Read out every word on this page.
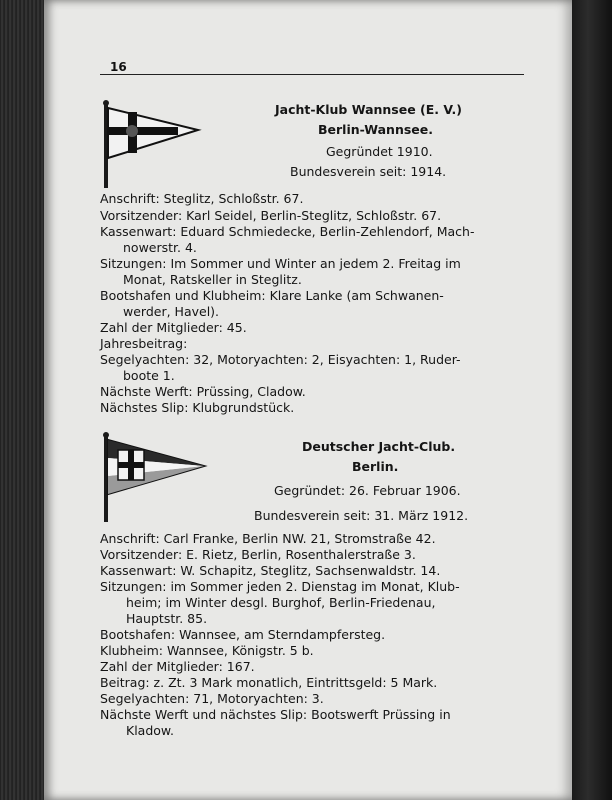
16
Jacht-Klub Wannsee (E. V.)
Berlin-Wannsee.
Gegründet 1910.
Bundesverein seit: 1914.
Anschrift: Steglitz, Schloßstr. 67.
Vorsitzender: Karl Seidel, Berlin-Steglitz, Schloßstr. 67.
Kassenwart: Eduard Schmiedecke, Berlin-Zehlendorf, Mach-
nowerstr. 4.
Sitzungen: Im Sommer und Winter an jedem 2. Freitag im
Monat, Ratskeller in Steglitz.
Bootshafen und Klubheim: Klare Lanke (am Schwanen-
werder, Havel).
Zahl der Mitglieder: 45.
Jahresbeitrag:
Segelyachten: 32, Motoryachten: 2, Eisyachten: 1, Ruder-
boote 1.
Nächste Werft: Prüssing, Cladow.
Nächstes Slip: Klubgrundstück.
Deutscher Jacht-Club.
Berlin.
Gegründet: 26. Februar 1906.
Bundesverein seit: 31. März 1912.
Anschrift: Carl Franke, Berlin NW. 21, Stromstraße 42.
Vorsitzender: E. Rietz, Berlin, Rosenthalerstraße 3.
Kassenwart: W. Schapitz, Steglitz, Sachsenwaldstr. 14.
Sitzungen: im Sommer jeden 2. Dienstag im Monat, Klub-
heim; im Winter desgl. Burghof, Berlin-Friedenau,
Hauptstr. 85.
Bootshafen: Wannsee, am Sterndampfersteg.
Klubheim: Wannsee, Königstr. 5 b.
Zahl der Mitglieder: 167.
Beitrag: z. Zt. 3 Mark monatlich, Eintrittsgeld: 5 Mark.
Segelyachten: 71, Motoryachten: 3.
Nächste Werft und nächstes Slip: Bootswerft Prüssing in
Kladow.
